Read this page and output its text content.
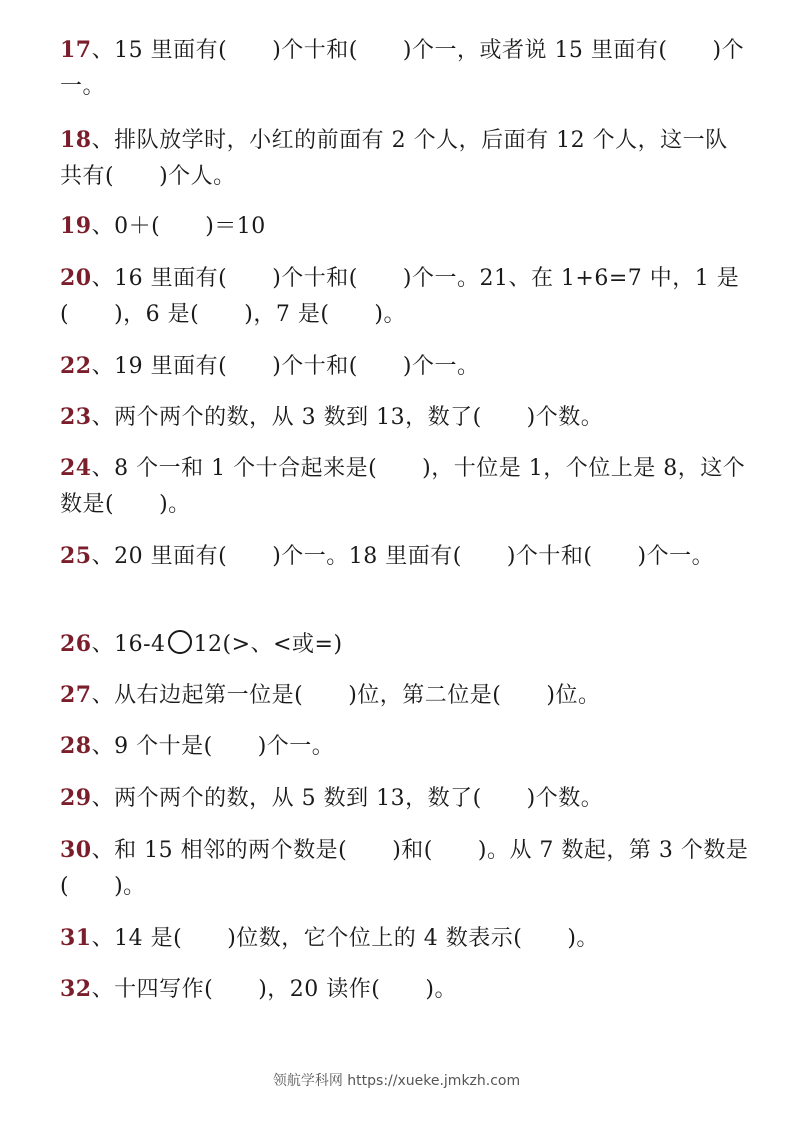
17、15 里面有(　　)个十和(　　)个一，或者说 15 里面有(　　)个一。
18、排队放学时，小红的前面有 2 个人，后面有 12 个人，这一队共有(　　)个人。
19、0＋(　　)＝10
20、16 里面有(　　)个十和(　　)个一。21、在 1+6=7 中，1 是(　　)，6 是(　　)，7 是(　　)。
22、19 里面有(　　)个十和(　　)个一。
23、两个两个的数，从 3 数到 13，数了(　　)个数。
24、8 个一和 1 个十合起来是(　　)，十位是 1，个位上是 8，这个数是(　　)。
25、20 里面有(　　)个一。18 里面有(　　)个十和(　　)个一。
26、16-4 12(>、<或=)
27、从右边起第一位是(　　)位，第二位是(　　)位。
28、9 个十是(　　)个一。
29、两个两个的数，从 5 数到 13，数了(　　)个数。
30、和 15 相邻的两个数是(　　)和(　　)。从 7 数起，第 3 个数是(　　)。
31、14 是(　　)位数，它个位上的 4 数表示(　　)。
32、十四写作(　　)，20 读作(　　)。
领航学科网 https://xueke.jmkzh.com
